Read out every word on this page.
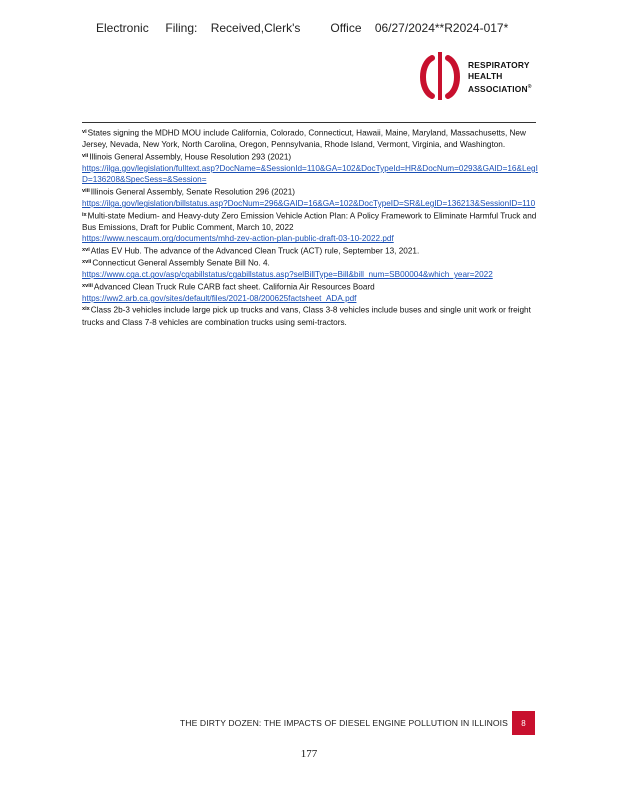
Electronic     Filing:    Received,Clerk's         Office    06/27/2024**R2024-017*
RESPIRATORY
HEALTH
ASSOCIATION®

$^{vi}$States signing the MDHD MOU include California, Colorado, Connecticut, Hawaii, Maine, Maryland, Massachusetts, New Jersey, Nevada, New York, North Carolina, Oregon, Pennsylvania, Rhode Island, Vermont, Virginia, and Washington.

$^{vii}$Illinois General Assembly, House Resolution 293 (2021)
https://ilga.gov/legislation/fulltext.asp?DocName=&SessionId=110&GA=102&DocTypeId=HR&DocNum=0293&GAID=16&LegID=136208&SpecSess=&Session=

$^{viii}$Illinois General Assembly, Senate Resolution 296 (2021)
https://ilga.gov/legislation/billstatus.asp?DocNum=296&GAID=16&GA=102&DocTypeID=SR&LegID=136213&SessionID=110

$^{ix}$Multi-state Medium- and Heavy-duty Zero Emission Vehicle Action Plan: A Policy Framework to Eliminate Harmful Truck and Bus Emissions, Draft for Public Comment, March 10, 2022
https://www.nescaum.org/documents/mhd-zev-action-plan-public-draft-03-10-2022.pdf

$^{xvi}$Atlas EV Hub. The advance of the Advanced Clean Truck (ACT) rule, September 13, 2021.

$^{xvii}$Connecticut General Assembly Senate Bill No. 4.
https://www.cga.ct.gov/asp/cgabillstatus/cgabillstatus.asp?selBillType=Bill&bill_num=SB00004&which_year=2022

$^{xviii}$Advanced Clean Truck Rule CARB fact sheet. California Air Resources Board
https://ww2.arb.ca.gov/sites/default/files/2021-08/200625factsheet_ADA.pdf

$^{xix}$Class 2b-3 vehicles include large pick up trucks and vans, Class 3-8 vehicles include buses and single unit work or freight trucks and Class 7-8 vehicles are combination trucks using semi-tractors.

THE DIRTY DOZEN: THE IMPACTS OF DIESEL ENGINE POLLUTION IN ILLINOIS	8
177
